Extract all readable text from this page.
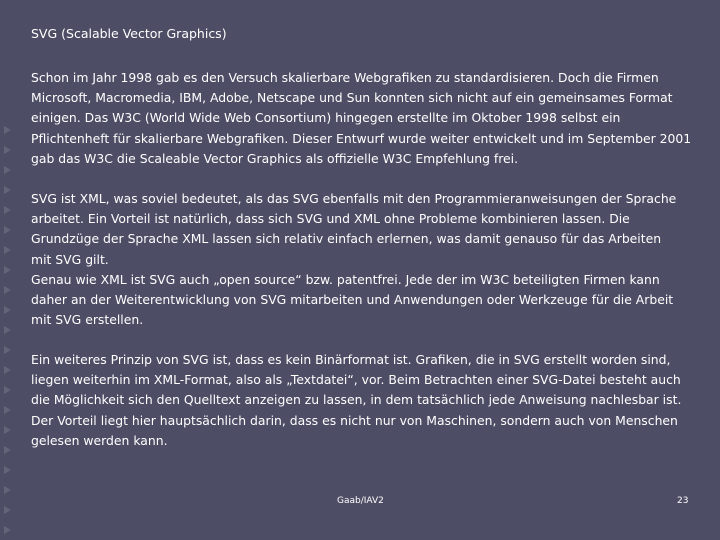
SVG (Scalable Vector Graphics)
Schon im Jahr 1998 gab es den Versuch skalierbare Webgrafiken zu standardisieren. Doch die Firmen
Microsoft, Macromedia, IBM, Adobe, Netscape und Sun konnten sich nicht auf ein gemeinsames Format
einigen. Das W3C (World Wide Web Consortium) hingegen erstellte im Oktober 1998 selbst ein
Pflichtenheft für skalierbare Webgrafiken. Dieser Entwurf wurde weiter entwickelt und im September 2001
gab das W3C die Scaleable Vector Graphics als offizielle W3C Empfehlung frei.
SVG ist XML, was soviel bedeutet, als das SVG ebenfalls mit den Programmieranweisungen der Sprache
arbeitet. Ein Vorteil ist natürlich, dass sich SVG und XML ohne Probleme kombinieren lassen. Die
Grundzüge der Sprache XML lassen sich relativ einfach erlernen, was damit genauso für das Arbeiten
mit SVG gilt.
Genau wie XML ist SVG auch „open source“ bzw. patentfrei. Jede der im W3C beteiligten Firmen kann
daher an der Weiterentwicklung von SVG mitarbeiten und Anwendungen oder Werkzeuge für die Arbeit
mit SVG erstellen.
Ein weiteres Prinzip von SVG ist, dass es kein Binärformat ist. Grafiken, die in SVG erstellt worden sind,
liegen weiterhin im XML-Format, also als „Textdatei“, vor. Beim Betrachten einer SVG-Datei besteht auch
die Möglichkeit sich den Quelltext anzeigen zu lassen, in dem tatsächlich jede Anweisung nachlesbar ist.
Der Vorteil liegt hier hauptsächlich darin, dass es nicht nur von Maschinen, sondern auch von Menschen
gelesen werden kann.
Gaab/IAV2	23
